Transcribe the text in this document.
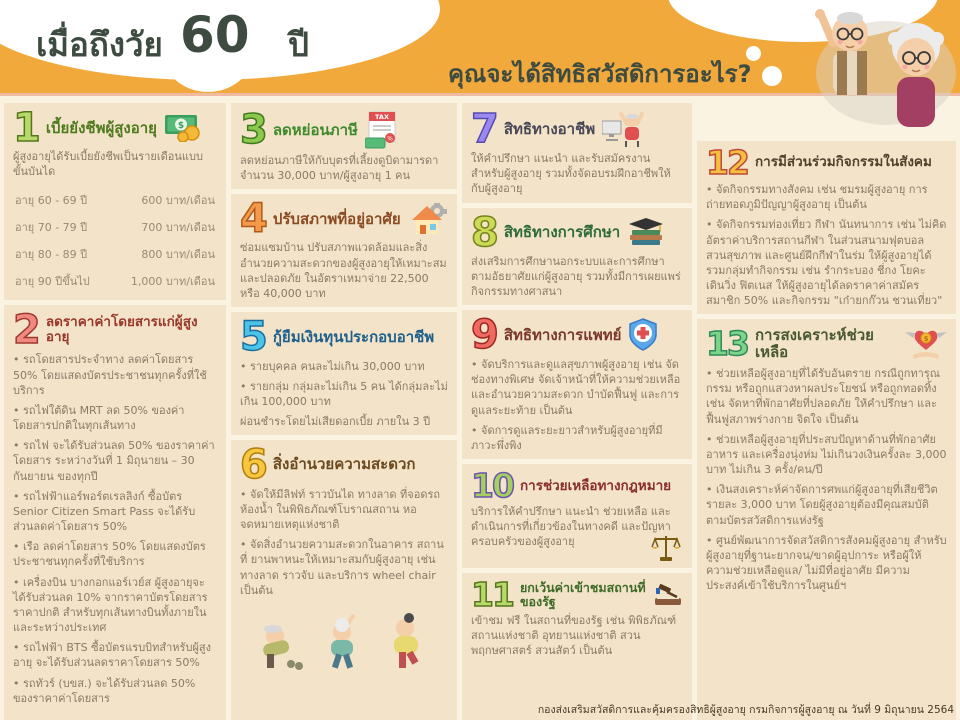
เมื่อถึงวัย 60 ปี
คุณจะได้สิทธิสวัสดิการอะไร?
1 เบี้ยยังชีพผู้สูงอายุ $

ผู้สูงอายุได้รับเบี้ยยังชีพเป็นรายเดือนแบบขั้นบันได

อายุ 60 - 69 ปี	600 บาท/เดือน
อายุ 70 - 79 ปี	700 บาท/เดือน
อายุ 80 - 89 ปี	800 บาท/เดือน
อายุ 90 ปีขึ้นไป	1,000 บาท/เดือน
2 ลดราคาค่าโดยสารแก่ผู้สูงอายุ
• รถโดยสารประจำทาง ลดค่าโดยสาร 50% โดยแสดงบัตรประชาชนทุกครั้งที่ใช้บริการ
• รถไฟใต้ดิน MRT ลด 50% ของค่าโดยสารปกติในทุกเส้นทาง
• รถไฟ จะได้รับส่วนลด 50% ของราคาค่าโดยสาร ระหว่างวันที่ 1 มิถุนายน – 30 กันยายน ของทุกปี
• รถไฟฟ้าแอร์พอร์ตเรลลิงก์ ซื้อบัตร Senior Citizen Smart Pass จะได้รับส่วนลดค่าโดยสาร 50%
• เรือ ลดค่าโดยสาร 50% โดยแสดงบัตรประชาชนทุกครั้งที่ใช้บริการ
• เครื่องบิน บางกอกแอร์เวย์ส ผู้สูงอายุจะได้รับส่วนลด 10% จากราคาบัตรโดยสารราคาปกติ สำหรับทุกเส้นทางบินทั้งภายในและระหว่างประเทศ
• รถไฟฟ้า BTS ซื้อบัตรแรบบิทสำหรับผู้สูงอายุ จะได้รับส่วนลดราคาโดยสาร 50%
• รถทัวร์ (บขส.) จะได้รับส่วนลด 50% ของราคาค่าโดยสาร
3 ลดหย่อนภาษี
TAX
%

ลดหย่อนภาษีให้กับบุตรที่เลี้ยงดูบิดามารดา จำนวน 30,000 บาท/ผู้สูงอายุ 1 คน

4 ปรับสภาพที่อยู่อาศัย

ซ่อมแซมบ้าน ปรับสภาพแวดล้อมและสิ่งอำนวยความสะดวกของผู้สูงอายุให้เหมาะสมและปลอดภัย ในอัตราเหมาจ่าย 22,500 หรือ 40,000 บาท

5 กู้ยืมเงินทุนประกอบอาชีพ
• รายบุคคล คนละไม่เกิน 30,000 บาท
• รายกลุ่ม กลุ่มละไม่เกิน 5 คน ได้กลุ่มละไม่เกิน 100,000 บาท

ผ่อนชำระโดยไม่เสียดอกเบี้ย ภายใน 3 ปี

6 สิ่งอำนวยความสะดวก
• จัดให้มีลิฟท์ ราวบันได ทางลาด ที่จอดรถ ห้องน้ำ ในพิพิธภัณฑ์โบราณสถาน หอจดหมายเหตุแห่งชาติ
• จัดสิ่งอำนวยความสะดวกในอาคาร สถานที่ ยานพาหนะให้เหมาะสมกับผู้สูงอายุ เช่น ทางลาด ราวจับ และบริการ wheel chair เป็นต้น
7 สิทธิทางอาชีพ

ให้คำปรึกษา แนะนำ และรับสมัครงานสำหรับผู้สูงอายุ รวมทั้งจัดอบรมฝึกอาชีพให้กับผู้สูงอายุ

8 สิทธิทางการศึกษา

ส่งเสริมการศึกษานอกระบบและการศึกษาตามอัธยาศัยแก่ผู้สูงอายุ รวมทั้งมีการเผยแพร่กิจกรรมทางศาสนา

9 สิทธิทางการแพทย์
• จัดบริการและดูแลสุขภาพผู้สูงอายุ เช่น จัดช่องทางพิเศษ จัดเจ้าหน้าที่ให้ความช่วยเหลือและอำนวยความสะดวก บำบัดฟื้นฟู และการดูแลระยะท้าย เป็นต้น
• จัดการดูแลระยะยาวสำหรับผู้สูงอายุที่มีภาวะพึ่งพิง
10 การช่วยเหลือทางกฎหมาย

บริการให้คำปรึกษา แนะนำ ช่วยเหลือ และดำเนินการที่เกี่ยวข้องในทางคดี และปัญหาครอบครัวของผู้สูงอายุ

11 ยกเว้นค่าเข้าชมสถานที่ของรัฐ

เข้าชม ฟรี ในสถานที่ของรัฐ เช่น พิพิธภัณฑ์สถานแห่งชาติ อุทยานแห่งชาติ สวนพฤกษศาสตร์ สวนสัตว์ เป็นต้น

12 การมีส่วนร่วมกิจกรรมในสังคม
• จัดกิจกรรมทางสังคม เช่น ชมรมผู้สูงอายุ การถ่ายทอดภูมิปัญญาผู้สูงอายุ เป็นต้น
• จัดกิจกรรมท่องเที่ยว กีฬา นันทนาการ เช่น ไม่คิดอัตราค่าบริการสถานกีฬา ในส่วนสนามฟุตบอล สวนสุขภาพ และศูนย์ฝึกกีฬาในร่ม ให้ผู้สูงอายุได้รวมกลุ่มทำกิจกรรม เช่น รำกระบอง ชี่กง โยคะ เดินวิ่ง ฟิตเนส ให้ผู้สูงอายุได้ลดราคาค่าสมัครสมาชิก 50% และกิจกรรม "เก๋ายกก๊วน ชวนเที่ยว"
13 การสงเคราะห์ช่วยเหลือ
$
• ช่วยเหลือผู้สูงอายุที่ได้รับอันตราย กรณีถูกทารุณกรรม หรือถูกแสวงหาผลประโยชน์ หรือถูกทอดทิ้ง เช่น จัดหาที่พักอาศัยที่ปลอดภัย ให้คำปรึกษา และฟื้นฟูสภาพร่างกาย จิตใจ เป็นต้น
• ช่วยเหลือผู้สูงอายุที่ประสบปัญหาด้านที่พักอาศัย อาหาร และเครื่องนุ่งห่ม ไม่เกินวงเงินครั้งละ 3,000 บาท ไม่เกิน 3 ครั้ง/คน/ปี
• เงินสงเคราะห์ค่าจัดการศพแก่ผู้สูงอายุที่เสียชีวิต รายละ 3,000 บาท โดยผู้สูงอายุต้องมีคุณสมบัติตามบัตรสวัสดิการแห่งรัฐ
• ศูนย์พัฒนาการจัดสวัสดิการสังคมผู้สูงอายุ สำหรับผู้สูงอายุที่ฐานะยากจน/ขาดผู้อุปการะ หรือผู้ให้ความช่วยเหลือดูแล/ ไม่มีที่อยู่อาศัย มีความประสงค์เข้าใช้บริการในศูนย์ฯ
กองส่งเสริมสวัสดิการและคุ้มครองสิทธิผู้สูงอายุ กรมกิจการผู้สูงอายุ ณ วันที่ 9 มิถุนายน 2564
